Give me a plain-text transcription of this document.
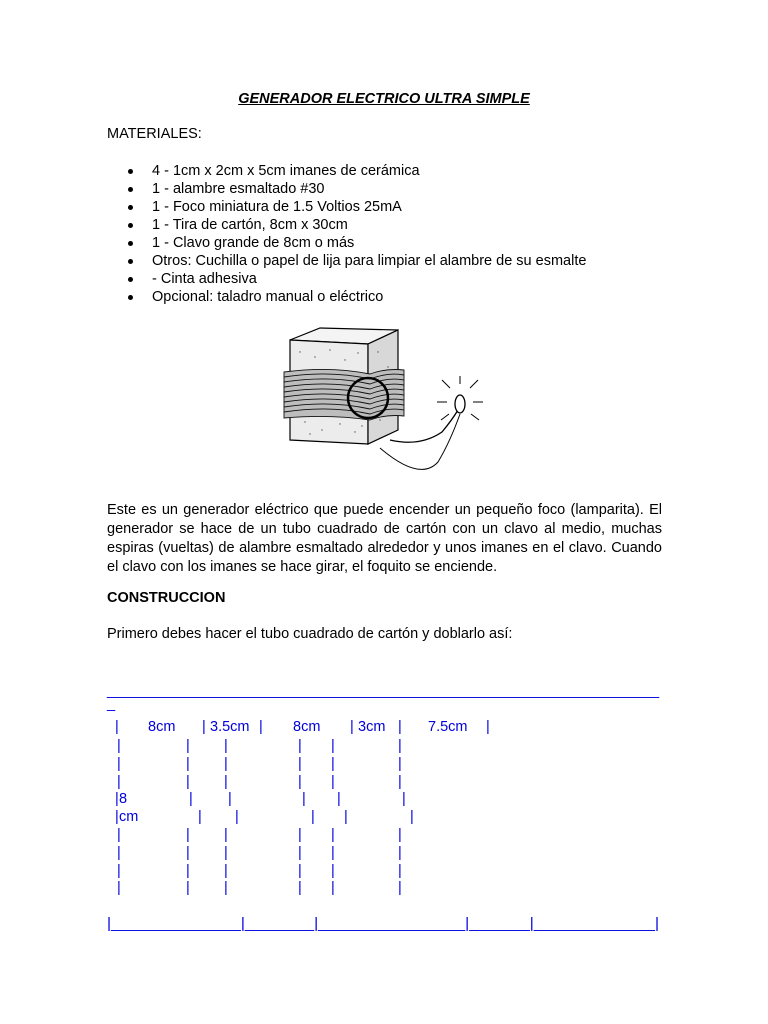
GENERADOR ELECTRICO ULTRA SIMPLE
MATERIALES:
4 - 1cm x 2cm x 5cm imanes de cerámica
1 - alambre esmaltado #30
1 - Foco miniatura de 1.5 Voltios 25mA
1 - Tira de cartón, 8cm x 30cm
1 - Clavo grande de 8cm o más
Otros: Cuchilla o papel de lija para limpiar el alambre de su esmalte
- Cinta adhesiva
Opcional: taladro manual o eléctrico

Este es un generador eléctrico que puede encender un pequeño foco (lamparita). El generador se hace de un tubo cuadrado de cartón con un clavo al medio, muchas espiras (vueltas) de alambre esmaltado alrededor y unos imanes en el clavo. Cuando el clavo con los imanes se hace girar, el foquito se enciende.

CONSTRUCCION
Primero debes hacer el tubo cuadrado de cartón y doblarlo así:
_____________________________________________________________
_
| 8cm | 3.5cm | 8cm | 3cm | 7.5cm |
|	| |	| |	|
|	| |	| |	|
|	| |	| |	|
|	| |	| |	|
|	| |	| |	|
|	| |	| |	|
|	| |	| |	|
|	| |	| |	|
|	| |	| |	|
8
cm
|_______________|________|_________________|_______|______________|
